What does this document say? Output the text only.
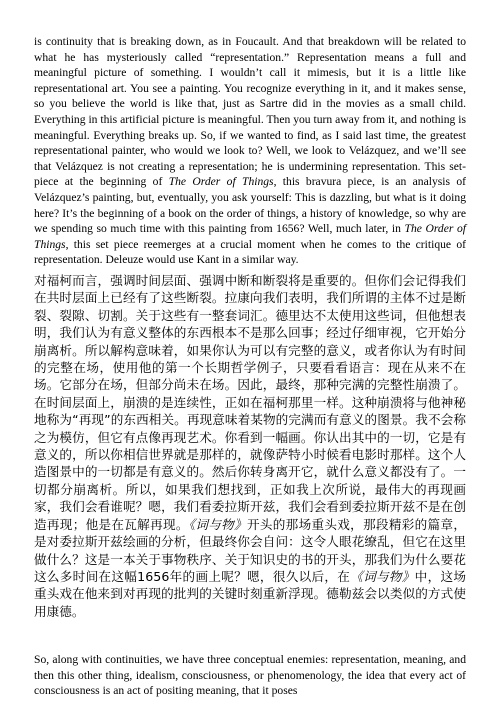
is continuity that is breaking down, as in Foucault. And that breakdown will be related to what he has mysteriously called “representation.” Representation means a full and meaningful picture of something. I wouldn’t call it mimesis, but it is a little like representational art. You see a painting. You recognize everything in it, and it makes sense, so you believe the world is like that, just as Sartre did in the movies as a small child. Everything in this artificial picture is meaningful. Then you turn away from it, and nothing is meaningful. Everything breaks up. So, if we wanted to find, as I said last time, the greatest representational painter, who would we look to? Well, we look to Velázquez, and we’ll see that Velázquez is not creating a representation; he is undermining representation. This set-piece at the beginning of The Order of Things, this bravura piece, is an analysis of Velázquez’s painting, but, eventually, you ask yourself: This is dazzling, but what is it doing here? It’s the beginning of a book on the order of things, a history of knowledge, so why are we spending so much time with this painting from 1656? Well, much later, in The Order of Things, this set piece reemerges at a crucial moment when he comes to the critique of representation. Deleuze would use Kant in a similar way.

对福柯而言，强调时间层面、强调中断和断裂将是重要的。但你们会记得我们在共时层面上已经有了这些断裂。拉康向我们表明，我们所谓的主体不过是断裂、裂隙、切割。关于这些有一整套词汇。德里达不太使用这些词，但他想表明，我们认为有意义整体的东西根本不是那么回事；经过仔细审视，它开始分崩离析。所以解构意味着，如果你认为可以有完整的意义，或者你认为有时间的完整在场，使用他的第一个长期哲学例子，只要看看语言：现在从来不在场。它部分在场，但部分尚未在场。因此，最终，那种完满的完整性崩溃了。在时间层面上，崩溃的是连续性，正如在福柯那里一样。这种崩溃将与他神秘地称为“再现”的东西相关。再现意味着某物的完满而有意义的图景。我不会称之为模仿，但它有点像再现艺术。你看到一幅画。你认出其中的一切，它是有意义的，所以你相信世界就是那样的，就像萨特小时候看电影时那样。这个人造图景中的一切都是有意义的。然后你转身离开它，就什么意义都没有了。一切都分崩离析。所以，如果我们想找到，正如我上次所说，最伟大的再现画家，我们会看谁呢？嗯，我们看委拉斯开兹，我们会看到委拉斯开兹不是在创造再现；他是在瓦解再现。《词与物》开头的那场重头戏，那段精彩的篇章，是对委拉斯开兹绘画的分析，但最终你会自问：这令人眼花缭乱，但它在这里做什么？这是一本关于事物秩序、关于知识史的书的开头，那我们为什么要花这么多时间在这幅1656年的画上呢？嗯，很久以后，在《词与物》中，这场重头戏在他来到对再现的批判的关键时刻重新浮现。德勒兹会以类似的方式使用康德。

So, along with continuities, we have three conceptual enemies: representation, meaning, and then this other thing, idealism, consciousness, or phenomenology, the idea that every act of consciousness is an act of positing meaning, that it poses
